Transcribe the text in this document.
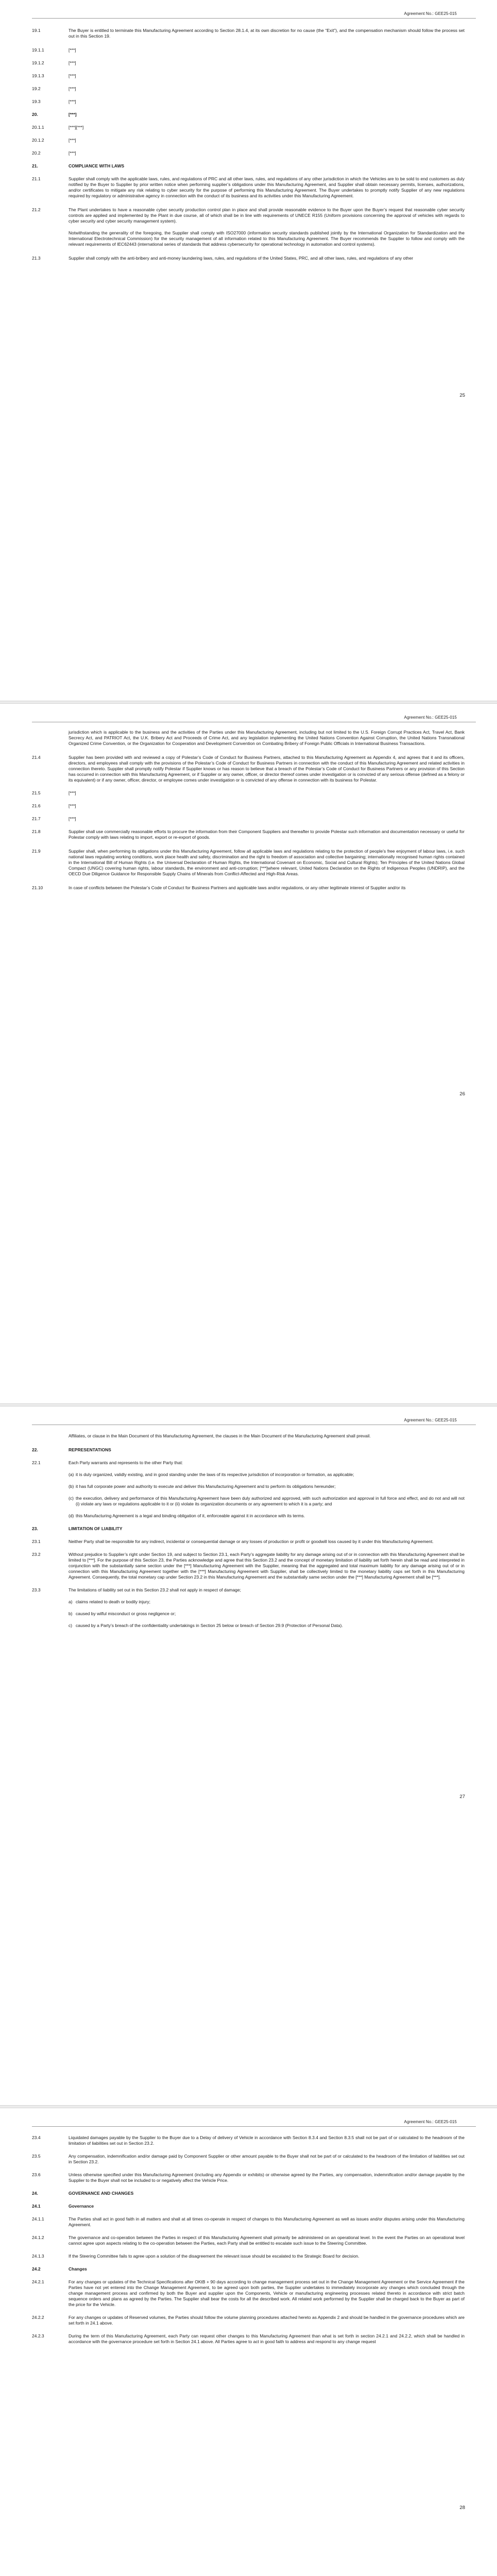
Agreement No.: GEE25-015
19.1	The Buyer is entitled to terminate this Manufacturing Agreement according to Section 28.1.4, at its own discretion for no cause (the “Exit”), and the compensation mechanism should follow the process set out in this Section 19.
19.1.1	[***]
19.1.2	[***]
19.1.3	[***]
19.2	[***]
19.3	[***]
20.	[***]
20.1.1	[***][***]
20.1.2	[***]
20.2	[***]
21.	COMPLIANCE WITH LAWS
21.1	Supplier shall comply with the applicable laws, rules, and regulations of PRC and all other laws, rules, and regulations of any other jurisdiction in which the Vehicles are to be sold to end customers as duly notified by the Buyer to Supplier by prior written notice when performing supplier’s obligations under this Manufacturing Agreement, and Supplier shall obtain necessary permits, licenses, authorizations, and/or certificates to mitigate any risk relating to cyber security for the purpose of performing this Manufacturing Agreement. The Buyer undertakes to promptly notify Supplier of any new regulations required by regulatory or administrative agency in connection with the conduct of its business and its activities under this Manufacturing Agreement.
21.2	The Plant undertakes to have a reasonable cyber security production control plan in place and shall provide reasonable evidence to the Buyer upon the Buyer’s request that reasonable cyber security controls are applied and implemented by the Plant in due course, all of which shall be in line with requirements of UNECE R155 (Uniform provisions concerning the approval of vehicles with regards to cyber security and cyber security management system).
Notwithstanding the generality of the foregoing, the Supplier shall comply with ISO27000 (information security standards published jointly by the International Organization for Standardization and the International Electrotechnical Commission) for the security management of all information related to this Manufacturing Agreement. The Buyer recommends the Supplier to follow and comply with the relevant requirements of IEC62443 (international series of standards that address cybersecurity for operational technology in automation and control systems).
21.3	Supplier shall comply with the anti-bribery and anti-money laundering laws, rules, and regulations of the United States, PRC, and all other laws, rules, and regulations of any other
25
Agreement No.: GEE25-015
jurisdiction which is applicable to the business and the activities of the Parties under this Manufacturing Agreement, including but not limited to the U.S. Foreign Corrupt Practices Act, Travel Act, Bank Secrecy Act, and PATRIOT Act, the U.K. Bribery Act and Proceeds of Crime Act, and any legislation implementing the United Nations Convention Against Corruption, the United Nations Transnational Organized Crime Convention, or the Organization for Cooperation and Development Convention on Combating Bribery of Foreign Public Officials in International Business Transactions.
21.4	Supplier has been provided with and reviewed a copy of Polestar’s Code of Conduct for Business Partners, attached to this Manufacturing Agreement as Appendix 4, and agrees that it and its officers, directors, and employees shall comply with the provisions of the Polestar’s Code of Conduct for Business Partners in connection with the conduct of this Manufacturing Agreement and related activities in connection thereto. Supplier shall promptly notify Polestar if Supplier knows or has reason to believe that a breach of the Polestar’s Code of Conduct for Business Partners or any provision of this Section has occurred in connection with this Manufacturing Agreement, or if Supplier or any owner, officer, or director thereof comes under investigation or is convicted of any serious offense (defined as a felony or its equivalent) or if any owner, officer, director, or employee comes under investigation or is convicted of any offense in connection with its business for Polestar.
21.5	[***]
21.6	[***]
21.7	[***]
21.8	Supplier shall use commercially reasonable efforts to procure the information from their Component Suppliers and thereafter to provide Polestar such information and documentation necessary or useful for Polestar comply with laws relating to import, export or re-export of goods.
21.9	Supplier shall, when performing its obligations under this Manufacturing Agreement, follow all applicable laws and regulations relating to the protection of people’s free enjoyment of labour laws, i.e. such national laws regulating working conditions, work place health and safety, discrimination and the right to freedom of association and collective bargaining; internationally recognised human rights contained in the International Bill of Human Rights (i.e. the Universal Declaration of Human Rights, the International Covenant on Economic, Social and Cultural Rights); Ten Principles of the United Nations Global Compact (UNGC) covering human rights, labour standards, the environment and anti-corruption; [***]where relevant, United Nations Declaration on the Rights of Indigenous Peoples (UNDRIP), and the OECD Due Diligence Guidance for Responsible Supply Chains of Minerals from Conflict-Affected and High-Risk Areas.
21.10	In case of conflicts between the Polestar’s Code of Conduct for Business Partners and applicable laws and/or regulations, or any other legitimate interest of Supplier and/or its
26
Agreement No.: GEE25-015
Affiliates, or clause in the Main Document of this Manufacturing Agreement, the clauses in the Main Document of the Manufacturing Agreement shall prevail.
22.	REPRESENTATIONS
22.1	Each Party warrants and represents to the other Party that:
(a) it is duly organized, validly existing, and in good standing under the laws of its respective jurisdiction of incorporation or formation, as applicable;
(b) it has full corporate power and authority to execute and deliver this Manufacturing Agreement and to perform its obligations hereunder;
(c) the execution, delivery and performance of this Manufacturing Agreement have been duly authorized and approved, with such authorization and approval in full force and effect, and do not and will not (i) violate any laws or regulations applicable to it or (ii) violate its organization documents or any agreement to which it is a party; and
(d) this Manufacturing Agreement is a legal and binding obligation of it, enforceable against it in accordance with its terms.
23.	LIMITATION OF LIABILITY
23.1	Neither Party shall be responsible for any indirect, incidental or consequential damage or any losses of production or profit or goodwill loss caused by it under this Manufacturing Agreement.
23.2	Without prejudice to Supplier’s right under Section 19, and subject to Section 23.1, each Party’s aggregate liability for any damage arising out of or in connection with this Manufacturing Agreement shall be limited to [***]. For the purpose of this Section 23, the Parties acknowledge and agree that this Section 23.2 and the concept of monetary limitation of liability set forth herein shall be read and interpreted in conjunction with the substantially same section under the [***] Manufacturing Agreement with the Supplier, meaning that the aggregated and total maximum liability for any damage arising out of or in connection with this Manufacturing Agreement together with the [***] Manufacturing Agreement with Supplier, shall be collectively limited to the monetary liability caps set forth in this Manufacturing Agreement. Consequently, the total monetary cap under Section 23.2 in this Manufacturing Agreement and the substantially same section under the [***] Manufacturing Agreement shall be [***].
23.3	The limitations of liability set out in this Section 23.2 shall not apply in respect of damage;
a) claims related to death or bodily injury;
b) caused by wilful misconduct or gross negligence or;
c) caused by a Party’s breach of the confidentiality undertakings in Section 25 below or breach of Section 29.9 (Protection of Personal Data).
27
Agreement No.: GEE25-015
23.4	Liquidated damages payable by the Supplier to the Buyer due to a Delay of delivery of Vehicle in accordance with Section 8.3.4 and Section 8.3.5 shall not be part of or calculated to the headroom of the limitation of liabilities set out in Section 23.2.
23.5	Any compensation, indemnification and/or damage paid by Component Supplier or other amount payable to the Buyer shall not be part of or calculated to the headroom of the limitation of liabilities set out in Section 23.2.
23.6	Unless otherwise specified under this Manufacturing Agreement (including any Appendix or exhibits) or otherwise agreed by the Parties, any compensation, indemnification and/or damage payable by the Supplier to the Buyer shall not be included to or negatively affect the Vehicle Price.
24.	GOVERNANCE AND CHANGES
24.1	Governance
24.1.1	The Parties shall act in good faith in all matters and shall at all times co-operate in respect of changes to this Manufacturing Agreement as well as issues and/or disputes arising under this Manufacturing Agreement.
24.1.2	The governance and co-operation between the Parties in respect of this Manufacturing Agreement shall primarily be administered on an operational level. In the event the Parties on an operational level cannot agree upon aspects relating to the co-operation between the Parties, each Party shall be entitled to escalate such issue to the Steering Committee.
24.1.3	If the Steering Committee fails to agree upon a solution of the disagreement the relevant issue should be escalated to the Strategic Board for decision.
24.2	Changes
24.2.1	For any changes or updates of the Technical Specifications after OKtB + 90 days according to change management process set out in the Change Management Agreement or the Service Agreement if the Parties have not yet entered into the Change Management Agreement, to be agreed upon both parties, the Supplier undertakes to immediately incorporate any changes which concluded through the change management process and confirmed by both the Buyer and supplier upon the Components, Vehicle or manufacturing engineering processes related thereto in accordance with strict batch sequence orders and plans as agreed by the Parties. The Supplier shall bear the costs for all the described work. All related work performed by the Supplier shall be charged back to the Buyer as part of the price for the Vehicle.
24.2.2	For any changes or updates of Reserved volumes, the Parties should follow the volume planning procedures attached hereto as Appendix 2 and should be handled in the governance procedures which are set forth in 24.1 above.
24.2.3	During the term of this Manufacturing Agreement, each Party can request other changes to this Manufacturing Agreement than what is set forth in section 24.2.1 and 24.2.2, which shall be handled in accordance with the governance procedure set forth in Section 24.1 above. All Parties agree to act in good faith to address and respond to any change request
28
